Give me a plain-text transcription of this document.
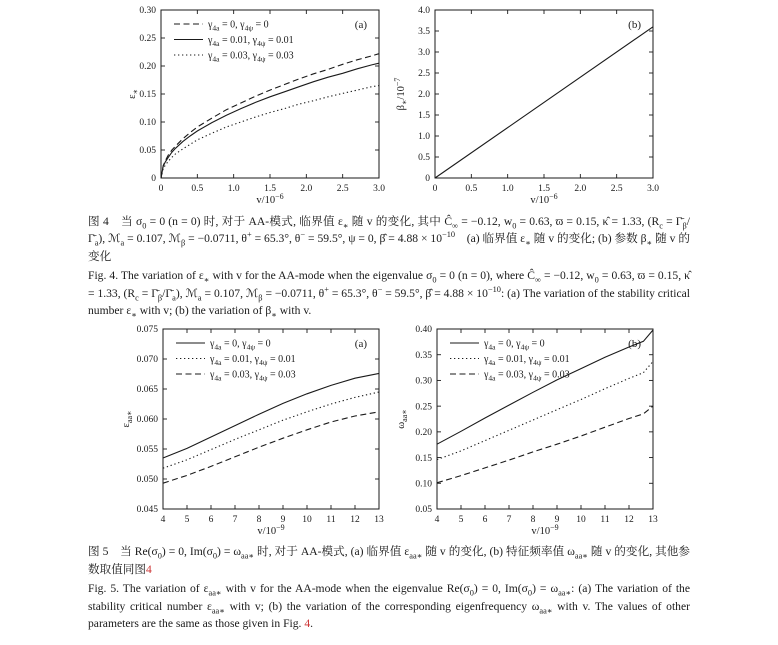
0	0.5	1.0	1.5	2.0	2.5	3.0
0
0.05
0.10
0.15
0.20
0.25
0.30
$\gamma_{4a} = 0$, $\gamma_{4\psi} = 0$
$\gamma_{4a} = 0.01$, $\gamma_{4\psi} = 0.01$
$\gamma_{4a} = 0.03$, $\gamma_{4\psi} = 0.03$
(a)
$v/10^{-6}$
$\varepsilon_∗$
0	0.5	1.0	1.5	2.0	2.5	3.0
0
0.5
1.0
1.5
2.0
2.5
3.0
3.5
4.0
(b)
$v/10^{-6}$
$\beta_∗/10^{-7}$

图 4　当 $\sigma_0 = 0$ (n = 0) 时, 对于 AA-模式, 临界值 $\varepsilon_∗$ 随 v 的变化, 其中 $Ĉ_\infty = -0.12$, $w_0 = 0.63$, ϖ = 0.15, κ̂ = 1.33, ($R_c$ = $\Gammā_\beta/\Gammā_a$), ℳ$_a$ = 0.107, ℳ$_\beta$ = −0.0711, θ+ = 65.3°, θ− = 59.5°, ψ = 0, β̂ = $4.88 \times 10^{-10}$　(a) 临界值 $\varepsilon_∗$ 随 v 的变化; (b) 参数 $\beta_∗$ 随 v 的变化

Fig. 4. The variation of $\varepsilon_∗$ with v for the AA-mode when the eigenvalue $\sigma_0 = 0$ (n = 0), where $Ĉ_\infty = -0.12$, $w_0 = 0.63$, ϖ = 0.15, κ̂ = 1.33, ($R_c$ = $\Gammā_\beta/\Gammā_a$), ℳ$_a$ = 0.107, ℳ$_\beta$ = −0.0711, θ+ = 65.3°, θ− = 59.5°, β̂ = $4.88 \times 10^{-10}$: (a) The variation of the stability critical number $\varepsilon_∗$ with v; (b) the variation of $\beta_∗$ with v.

4 5 6 7 8 9 10 11 12 13
0.045
0.050
0.055
0.060
0.065
0.070
0.075
$\gamma_{4a} = 0$, $\gamma_{4\psi} = 0$
$\gamma_{4a} = 0.01$, $\gamma_{4\psi} = 0.01$
$\gamma_{4a} = 0.03$, $\gamma_{4\psi} = 0.03$
(a)
$v/10^{-9}$
$\varepsilon_{aa∗}$
4 5 6 7 8 9 10 11 12 13
0.05
0.10
0.15
0.20
0.25
0.30
0.35
0.40
$\gamma_{4a} = 0$, $\gamma_{4\psi} = 0$
$\gamma_{4a} = 0.01$, $\gamma_{4\psi} = 0.01$
$\gamma_{4a} = 0.03$, $\gamma_{4\psi} = 0.03$
(b)
$v/10^{-9}$
$\omega_{aa∗}$

图 5　当 $Re(\sigma_0) = 0$, $Im(\sigma_0) = \omega_{aa∗}$ 时, 对于 AA-模式, (a) 临界值 $\varepsilon_{aa∗}$ 随 v 的变化, (b) 特征频率值 $\omega_{aa∗}$ 随 v 的变化, 其他参数取值同图4

Fig. 5. The variation of $\varepsilon_{aa∗}$ with v for the AA-mode when the eigenvalue $Re(\sigma_0) = 0$, $Im(\sigma_0) = \omega_{aa∗}$: (a) The variation of the stability critical number $\varepsilon_{aa∗}$ with v; (b) the variation of the corresponding eigenfrequency $\omega_{aa∗}$ with v. The values of other parameters are the same as those given in Fig. 4.
